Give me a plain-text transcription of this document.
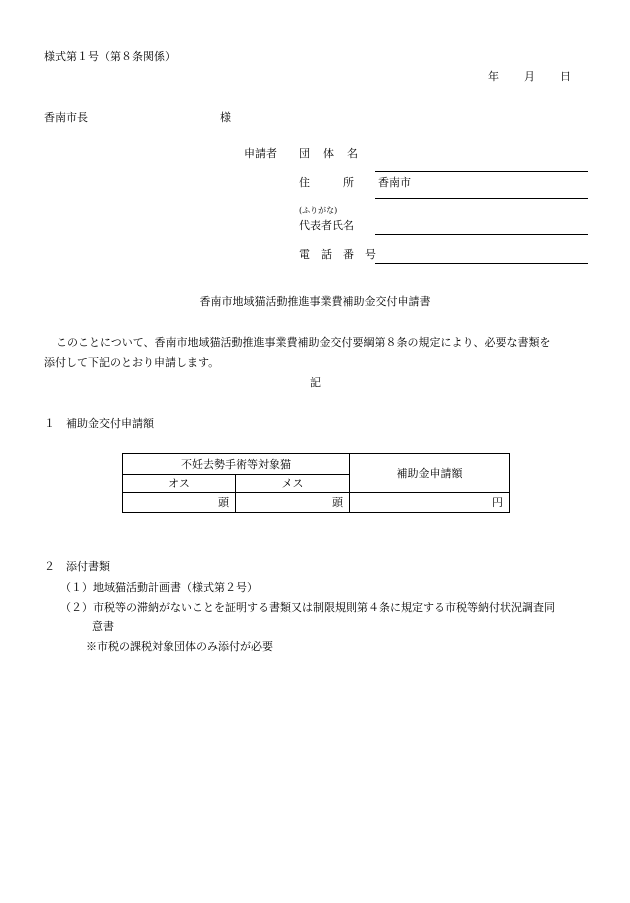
様式第１号（第８条関係）
年 月 日
香南市長	様
申請者 団　体　名
住　　　所 香南市
(ふりがな)
代表者氏名
電　話　番　号
香南市地域猫活動推進事業費補助金交付申請書
このことについて、香南市地域猫活動推進事業費補助金交付要綱第８条の規定により、必要な書類を
添付して下記のとおり申請します。
記
１　補助金交付申請額
不妊去勢手術等対象猫		補助金申請額
オス	メス	
頭	頭	円
２　添付書類
（１）地域猫活動計画書（様式第２号）
（２）市税等の滞納がないことを証明する書類又は制限規則第４条に規定する市税等納付状況調査同
意書
※市税の課税対象団体のみ添付が必要
